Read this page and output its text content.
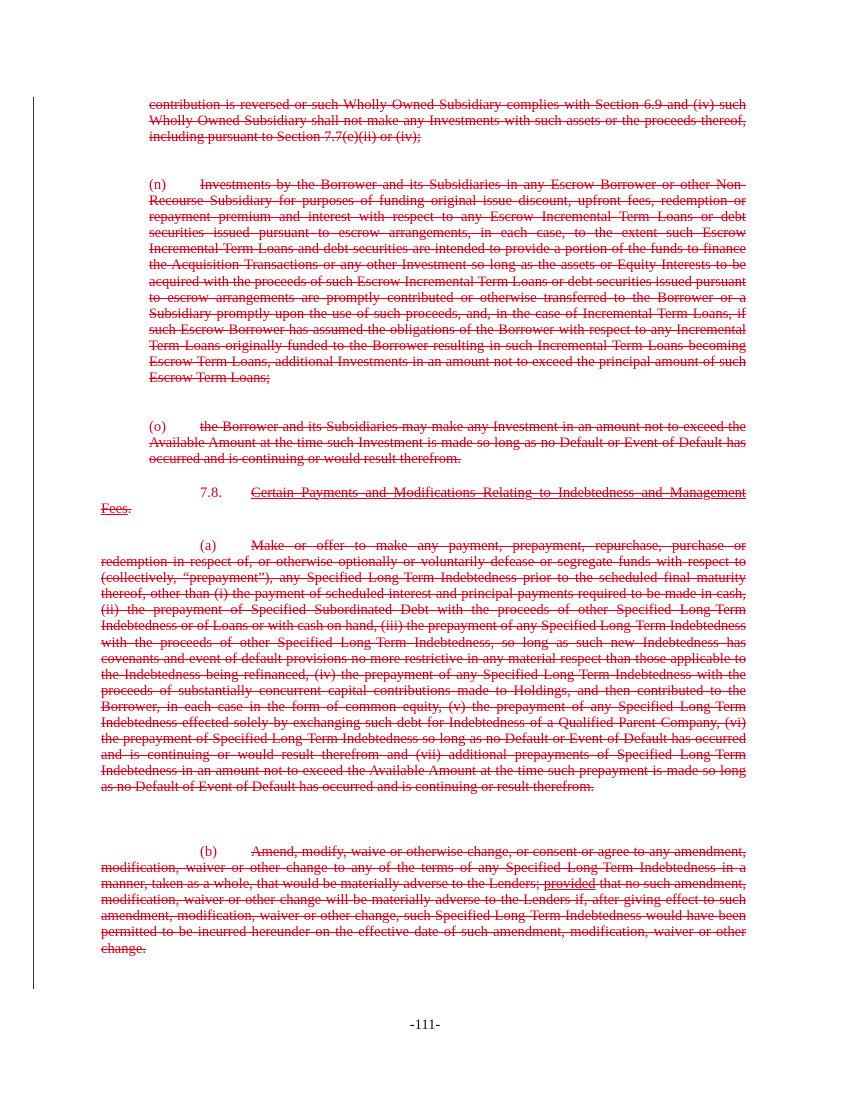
contribution is reversed or such Wholly Owned Subsidiary complies with Section 6.9 and (iv) such Wholly Owned Subsidiary shall not make any Investments with such assets or the proceeds thereof, including pursuant to Section 7.7(e)(ii) or (iv);

(n) Investments by the Borrower and its Subsidiaries in any Escrow Borrower or other Non-Recourse Subsidiary for purposes of funding original issue discount, upfront fees, redemption or repayment premium and interest with respect to any Escrow Incremental Term Loans or debt securities issued pursuant to escrow arrangements, in each case, to the extent such Escrow Incremental Term Loans and debt securities are intended to provide a portion of the funds to finance the Acquisition Transactions or any other Investment so long as the assets or Equity Interests to be acquired with the proceeds of such Escrow Incremental Term Loans or debt securities issued pursuant to escrow arrangements are promptly contributed or otherwise transferred to the Borrower or a Subsidiary promptly upon the use of such proceeds, and, in the case of Incremental Term Loans, if such Escrow Borrower has assumed the obligations of the Borrower with respect to any Incremental Term Loans originally funded to the Borrower resulting in such Incremental Term Loans becoming Escrow Term Loans, additional Investments in an amount not to exceed the principal amount of such Escrow Term Loans;

(o) the Borrower and its Subsidiaries may make any Investment in an amount not to exceed the Available Amount at the time such Investment is made so long as no Default or Event of Default has occurred and is continuing or would result therefrom.

7.8. Certain Payments and Modifications Relating to Indebtedness and Management Fees.

(a) Make or offer to make any payment, prepayment, repurchase, purchase or redemption in respect of, or otherwise optionally or voluntarily defease or segregate funds with respect to (collectively, “prepayment”), any Specified Long-Term Indebtedness prior to the scheduled final maturity thereof, other than (i) the payment of scheduled interest and principal payments required to be made in cash, (ii) the prepayment of Specified Subordinated Debt with the proceeds of other Specified Long-Term Indebtedness or of Loans or with cash on hand, (iii) the prepayment of any Specified Long-Term Indebtedness with the proceeds of other Specified Long-Term Indebtedness, so long as such new Indebtedness has covenants and event of default provisions no more restrictive in any material respect than those applicable to the Indebtedness being refinanced, (iv) the prepayment of any Specified Long-Term Indebtedness with the proceeds of substantially concurrent capital contributions made to Holdings, and then contributed to the Borrower, in each case in the form of common equity, (v) the prepayment of any Specified Long-Term Indebtedness effected solely by exchanging such debt for Indebtedness of a Qualified Parent Company, (vi) the prepayment of Specified Long-Term Indebtedness so long as no Default or Event of Default has occurred and is continuing or would result therefrom and (vii) additional prepayments of Specified Long-Term Indebtedness in an amount not to exceed the Available Amount at the time such prepayment is made so long as no Default of Event of Default has occurred and is continuing or result therefrom.

(b) Amend, modify, waive or otherwise change, or consent or agree to any amendment, modification, waiver or other change to any of the terms of any Specified Long-Term Indebtedness in a manner, taken as a whole, that would be materially adverse to the Lenders; provided that no such amendment, modification, waiver or other change will be materially adverse to the Lenders if, after giving effect to such amendment, modification, waiver or other change, such Specified Long-Term Indebtedness would have been permitted to be incurred hereunder on the effective date of such amendment, modification, waiver or other change.

-111-
